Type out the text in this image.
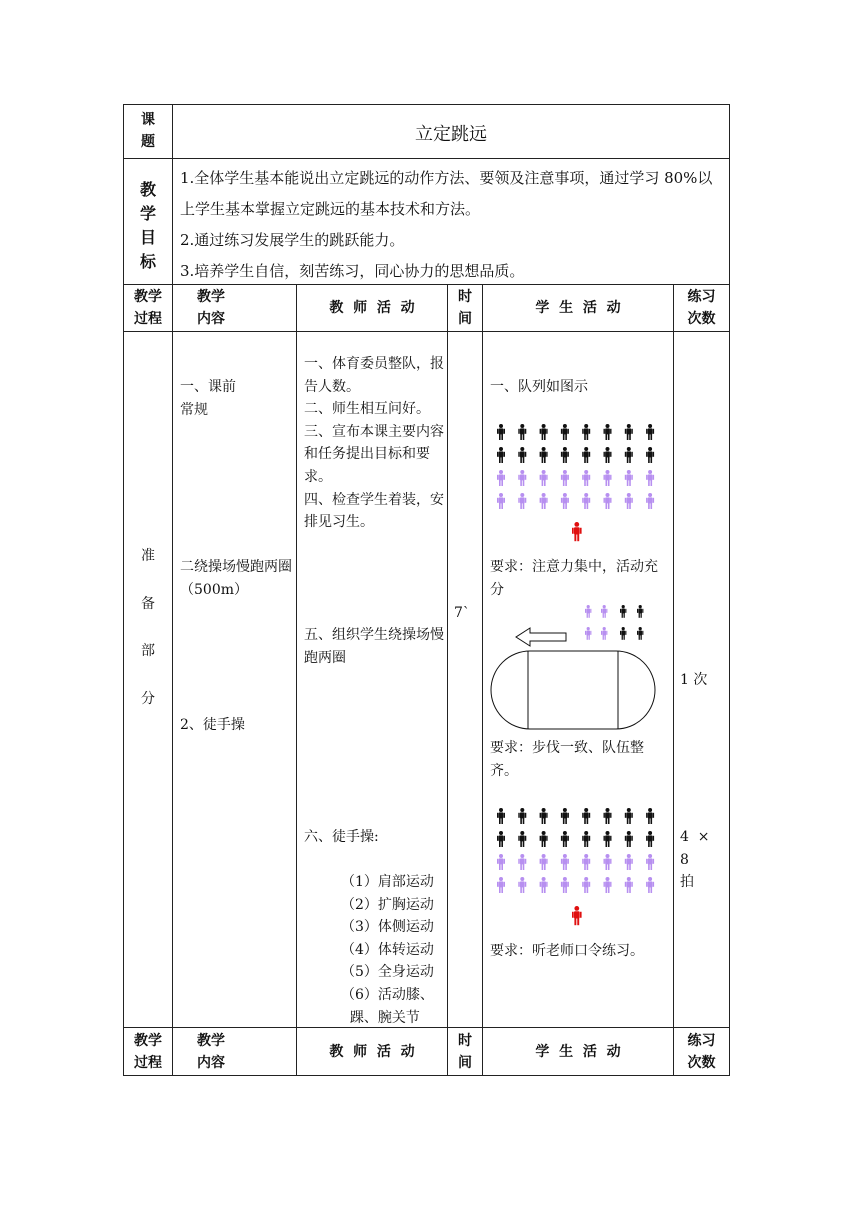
课题	立定跳远
教学目标
1.全体学生基本能说出立定跳远的动作方法、要领及注意事项，通过学习 80%以上学生基本掌握立定跳远的基本技术和方法。
2.通过练习发展学生的跳跃能力。
3.培养学生自信，刻苦练习，同心协力的思想品质。
教学过程
教学内容
教  师  活  动
时间
学  生  活  动
练习次数
准备部分
一、课前
常规
二绕操场慢跑两圈（500m）
2、徒手操
一、体育委员整队，报告人数。
二、师生相互问好。
三、宣布本课主要内容和任务提出目标和要求。
四、检查学生着装，安排见习生。
五、组织学生绕操场慢跑两圈
六、徒手操:
（1）肩部运动
（2）扩胸运动
（3）体侧运动
（4）体转运动
（5）全身运动
（6）活动膝、
踝、腕关节
7`
一、队列如图示
要求：注意力集中，活动充分
要求：步伐一致、队伍整齐。
要求：听老师口令练习。
1 次
4  ×  8
拍
教学过程
教学内容
教  师  活  动
时间
学  生  活  动
练习次数
